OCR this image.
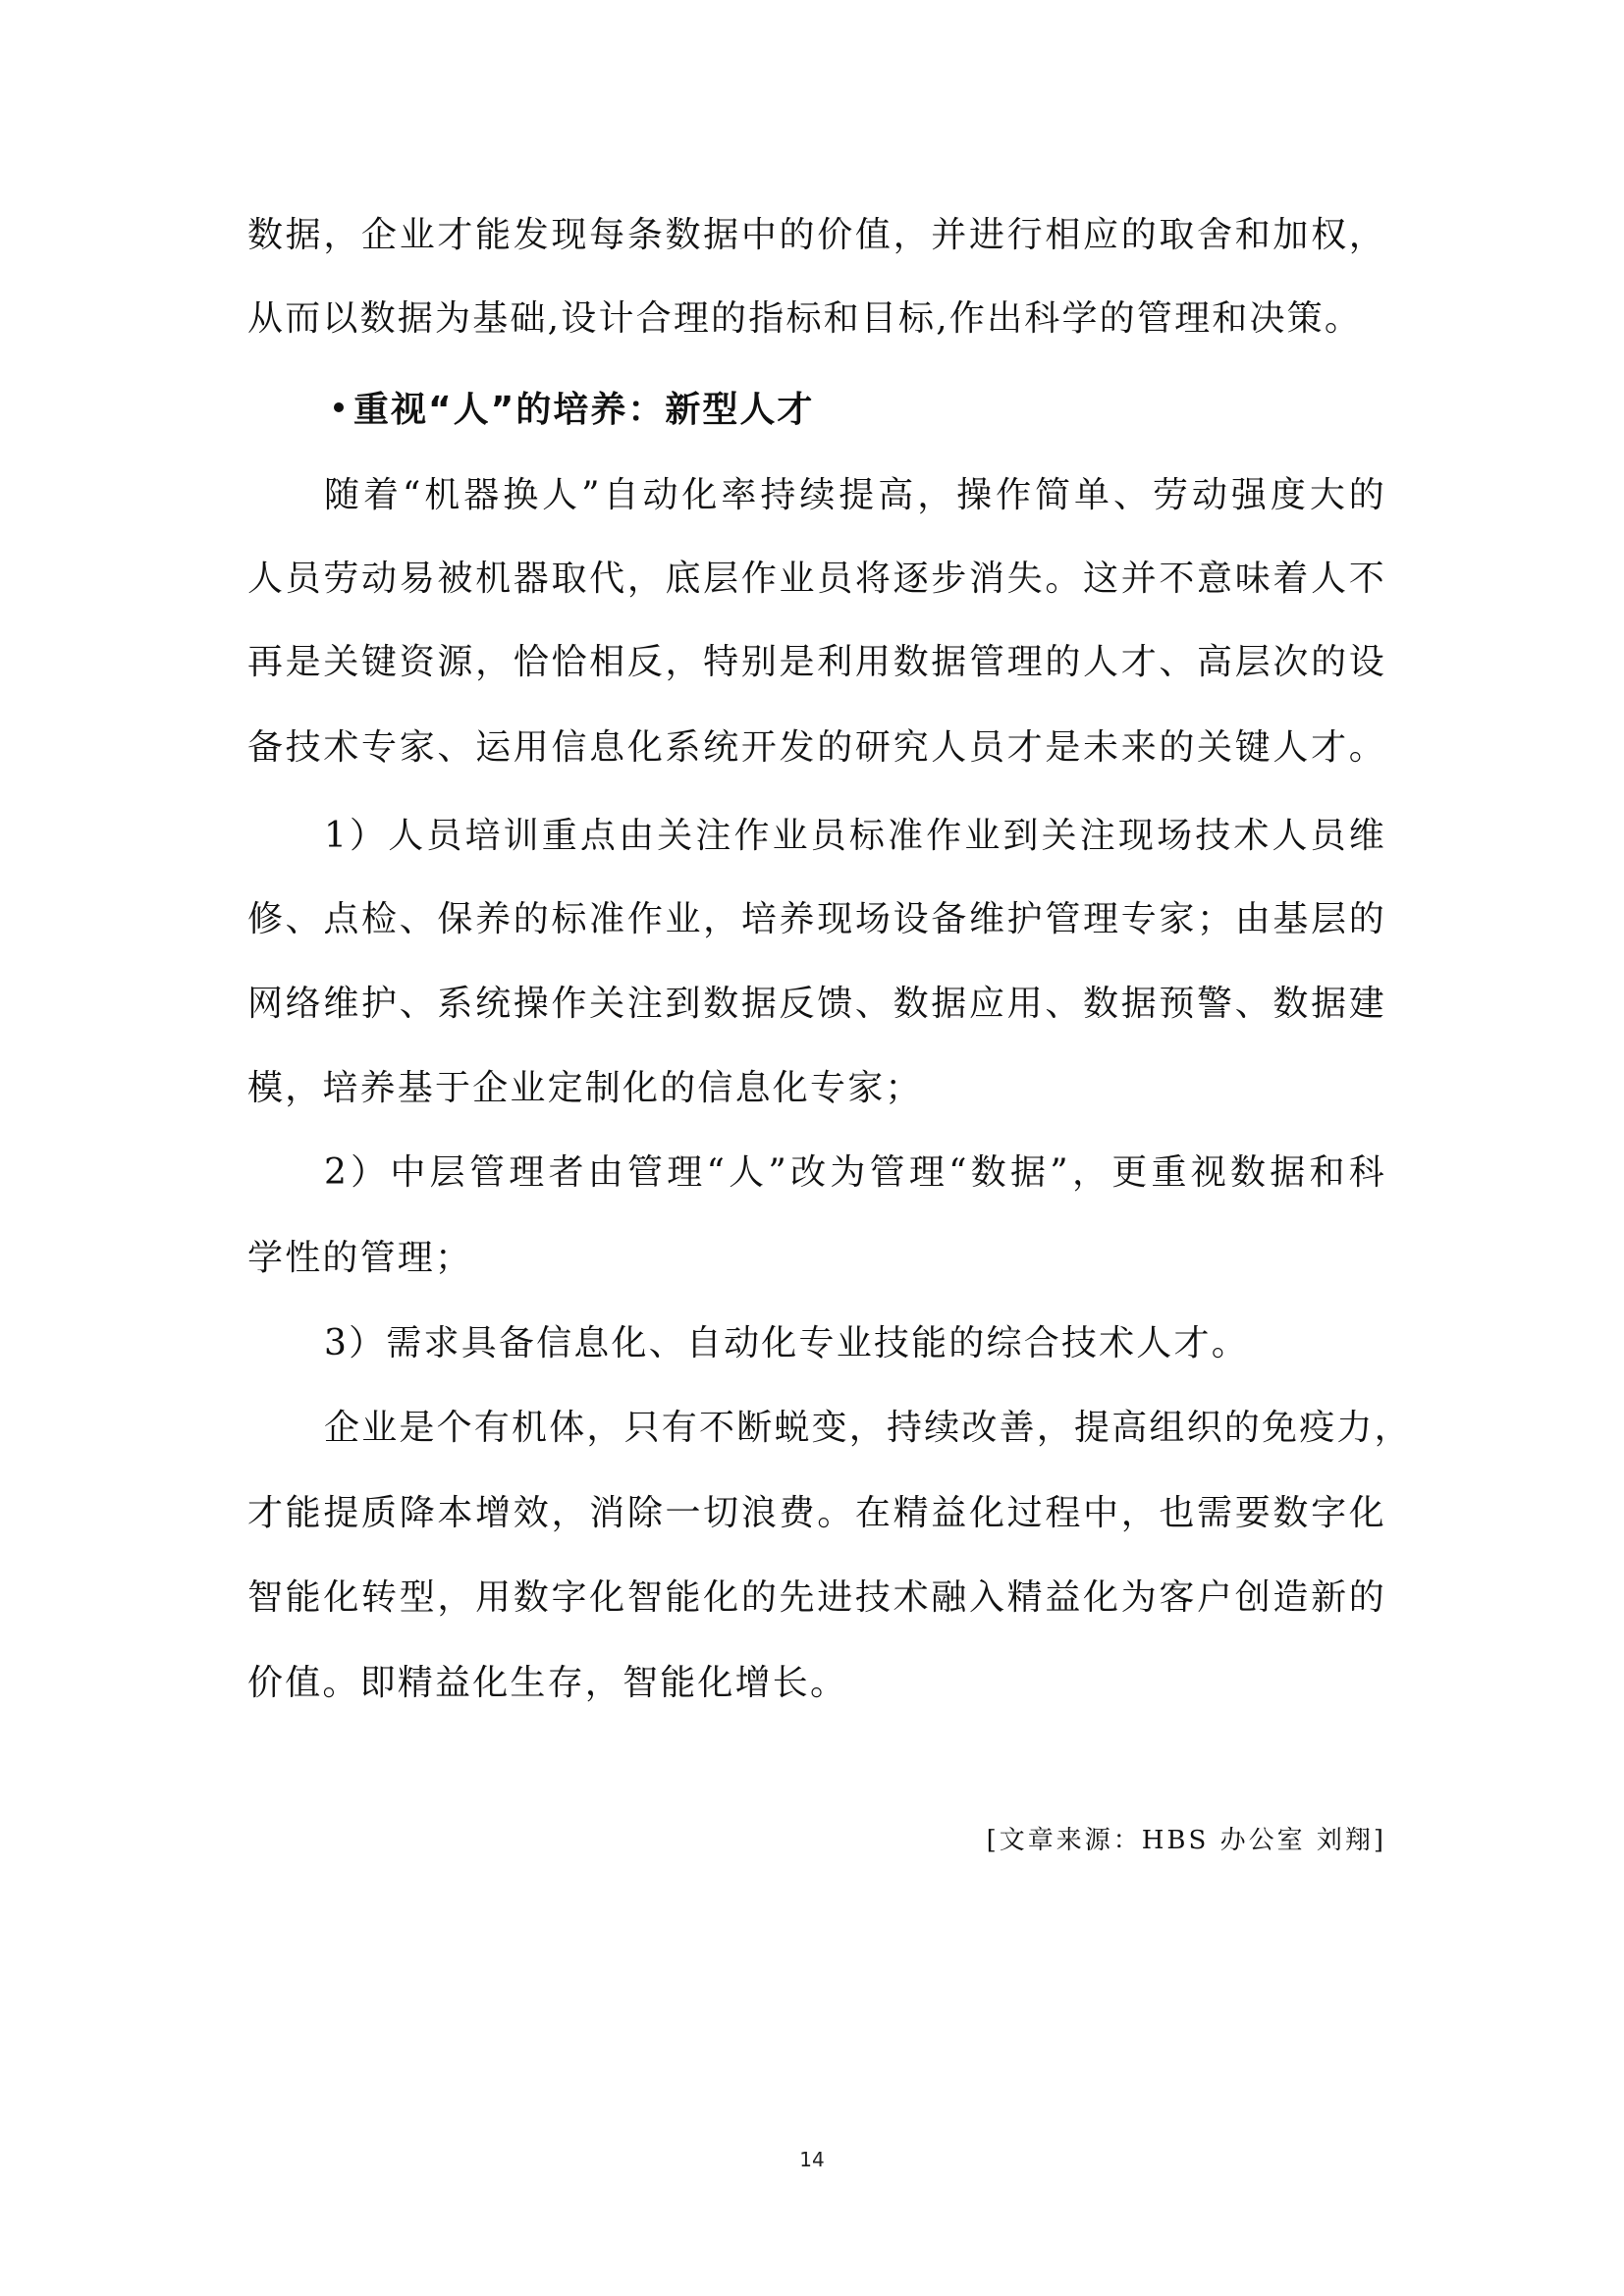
数据，企业才能发现每条数据中的价值，并进行相应的取舍和加权，
从而以数据为基础,设计合理的指标和目标,作出科学的管理和决策。
重视“人”的培养：新型人才
随着“机器换人”自动化率持续提高，操作简单、劳动强度大的
人员劳动易被机器取代，底层作业员将逐步消失。这并不意味着人不
再是关键资源，恰恰相反，特别是利用数据管理的人才、高层次的设
备技术专家、运用信息化系统开发的研究人员才是未来的关键人才。
1）人员培训重点由关注作业员标准作业到关注现场技术人员维
修、点检、保养的标准作业，培养现场设备维护管理专家；由基层的
网络维护、系统操作关注到数据反馈、数据应用、数据预警、数据建
模，培养基于企业定制化的信息化专家；
2）中层管理者由管理“人”改为管理“数据”，更重视数据和科
学性的管理；
3）需求具备信息化、自动化专业技能的综合技术人才。
企业是个有机体，只有不断蜕变，持续改善，提高组织的免疫力，
才能提质降本增效，消除一切浪费。在精益化过程中，也需要数字化
智能化转型，用数字化智能化的先进技术融入精益化为客户创造新的
价值。即精益化生存，智能化增长。
[文章来源：HBS 办公室 刘翔]
14
